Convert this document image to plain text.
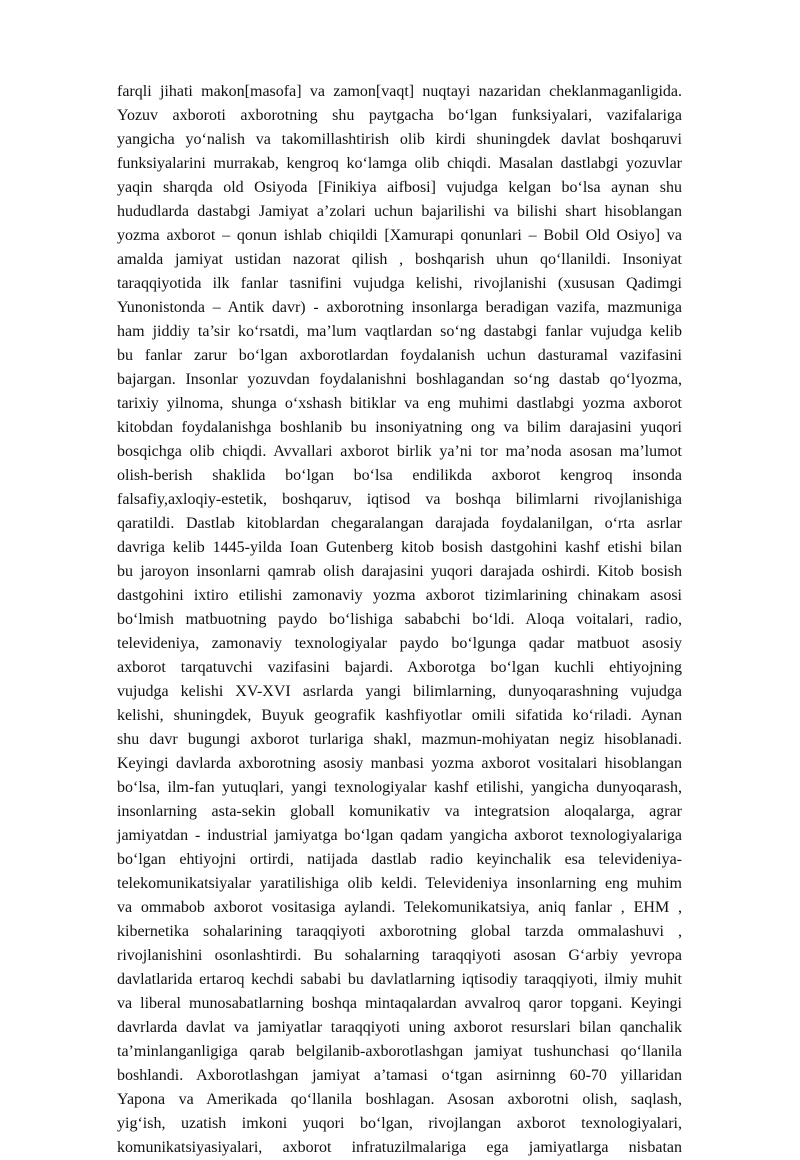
farqli jihati makon[masofa] va zamon[vaqt] nuqtayi nazaridan cheklanmaganligida.
Yozuv axboroti axborotning shu paytgacha bo‘lgan funksiyalari, vazifalariga
yangicha yo‘nalish va takomillashtirish olib kirdi shuningdek davlat boshqaruvi
funksiyalarini murrakab, kengroq ko‘lamga olib chiqdi. Masalan dastlabgi yozuvlar
yaqin sharqda old Osiyoda [Finikiya aifbosi] vujudga kelgan bo‘lsa aynan shu
hududlarda dastabgi Jamiyat a’zolari uchun bajarilishi va bilishi shart hisoblangan
yozma axborot – qonun ishlab chiqildi [Xamurapi qonunlari – Bobil Old Osiyo] va
amalda jamiyat ustidan nazorat qilish , boshqarish uhun qo‘llanildi. Insoniyat
taraqqiyotida ilk fanlar tasnifini vujudga kelishi, rivojlanishi (xususan Qadimgi
Yunonistonda – Antik davr) - axborotning insonlarga beradigan vazifa, mazmuniga
ham jiddiy ta’sir ko‘rsatdi, ma’lum vaqtlardan so‘ng dastabgi fanlar vujudga kelib
bu fanlar zarur bo‘lgan axborotlardan foydalanish uchun dasturamal vazifasini
bajargan. Insonlar yozuvdan foydalanishni boshlagandan so‘ng dastab qo‘lyozma,
tarixiy yilnoma, shunga o‘xshash bitiklar va eng muhimi dastlabgi yozma axborot
kitobdan foydalanishga boshlanib bu insoniyatning ong va bilim darajasini yuqori
bosqichga olib chiqdi. Avvallari axborot birlik ya’ni tor ma’noda asosan ma’lumot
olish-berish shaklida bo‘lgan bo‘lsa endilikda axborot kengroq insonda
falsafiy,axloqiy-estetik, boshqaruv, iqtisod va boshqa bilimlarni rivojlanishiga
qaratildi. Dastlab kitoblardan chegaralangan darajada foydalanilgan, o‘rta asrlar
davriga kelib 1445-yilda Ioan Gutenberg kitob bosish dastgohini kashf etishi bilan
bu jaroyon insonlarni qamrab olish darajasini yuqori darajada oshirdi. Kitob bosish
dastgohini ixtiro etilishi zamonaviy yozma axborot tizimlarining chinakam asosi
bo‘lmish matbuotning paydo bo‘lishiga sababchi bo‘ldi. Aloqa voitalari, radio,
televideniya, zamonaviy texnologiyalar paydo bo‘lgunga qadar matbuot asosiy
axborot tarqatuvchi vazifasini bajardi. Axborotga bo‘lgan kuchli ehtiyojning
vujudga kelishi XV-XVI asrlarda yangi bilimlarning, dunyoqarashning vujudga
kelishi, shuningdek, Buyuk geografik kashfiyotlar omili sifatida ko‘riladi. Aynan
shu davr bugungi axborot turlariga shakl, mazmun-mohiyatan negiz hisoblanadi.
Keyingi davlarda axborotning asosiy manbasi yozma axborot vositalari hisoblangan
bo‘lsa, ilm-fan yutuqlari, yangi texnologiyalar kashf etilishi, yangicha dunyoqarash,
insonlarning asta-sekin globall komunikativ va integratsion aloqalarga, agrar
jamiyatdan - industrial jamiyatga bo‘lgan qadam yangicha axborot texnologiyalariga
bo‘lgan ehtiyojni ortirdi, natijada dastlab radio keyinchalik esa televideniya-
telekomunikatsiyalar yaratilishiga olib keldi. Televideniya insonlarning eng muhim
va ommabob axborot vositasiga aylandi. Telekomunikatsiya, aniq fanlar , EHM ,
kibernetika sohalarining taraqqiyoti axborotning global tarzda ommalashuvi ,
rivojlanishini osonlashtirdi. Bu sohalarning taraqqiyoti asosan G‘arbiy yevropa
davlatlarida ertaroq kechdi sababi bu davlatlarning iqtisodiy taraqqiyoti, ilmiy muhit
va liberal munosabatlarning boshqa mintaqalardan avvalroq qaror topgani. Keyingi
davrlarda davlat va jamiyatlar taraqqiyoti uning axborot resurslari bilan qanchalik
ta’minlanganligiga qarab belgilanib-axborotlashgan jamiyat tushunchasi qo‘llanila
boshlandi. Axborotlashgan jamiyat a’tamasi o‘tgan asirninng 60-70 yillaridan
Yapona va Amerikada qo‘llanila boshlagan. Asosan axborotni olish, saqlash,
yig‘ish, uzatish imkoni yuqori bo‘lgan, rivojlangan axborot texnologiyalari,
komunikatsiyasiyalari, axborot infratuzilmalariga ega jamiyatlarga nisbatan
